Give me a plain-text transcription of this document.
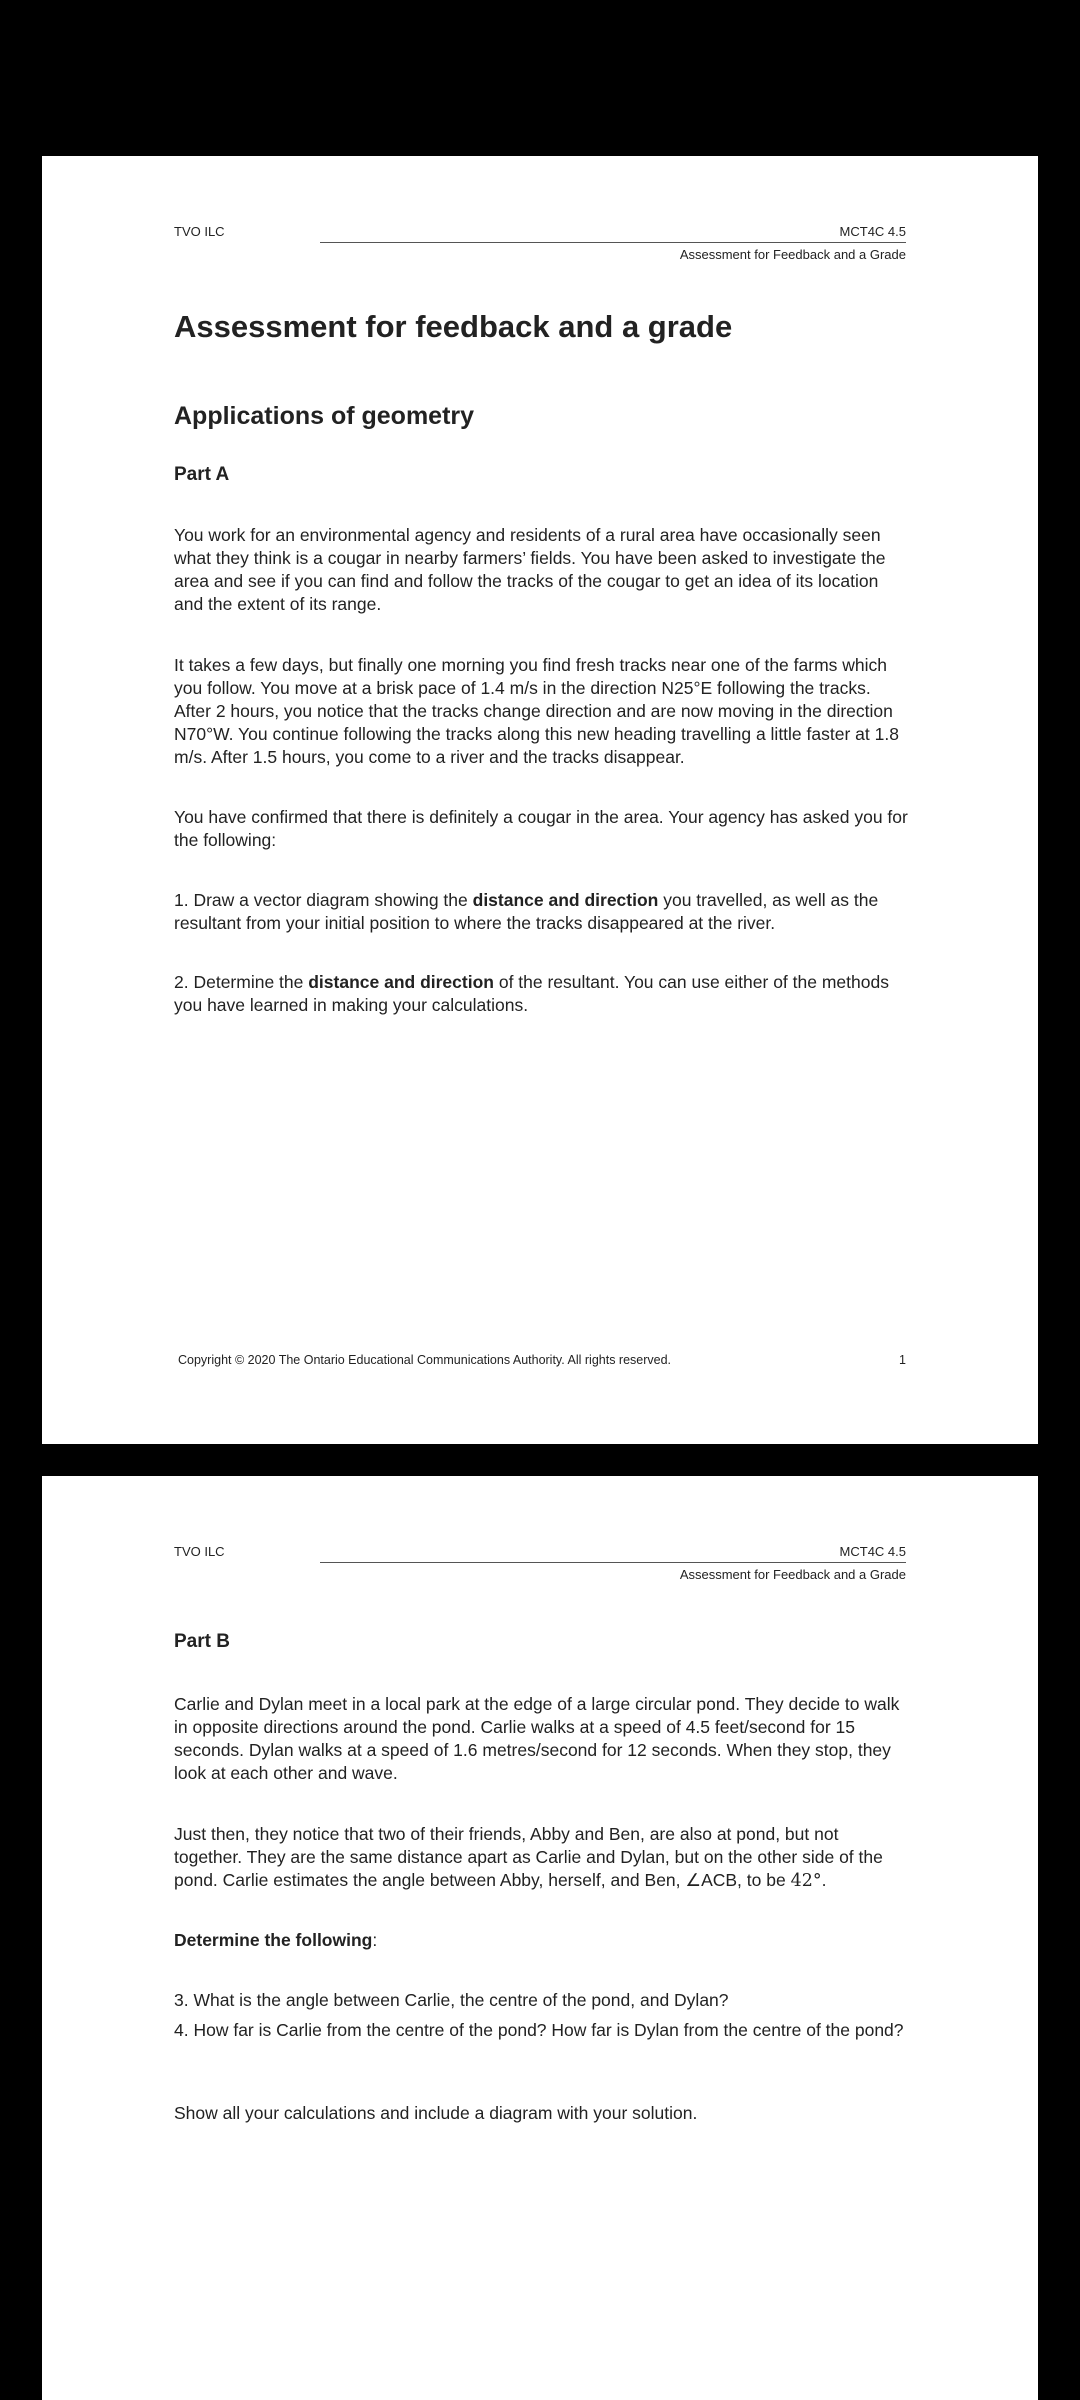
TVO ILC	MCT4C 4.5
Assessment for Feedback and a Grade
Assessment for feedback and a grade
Applications of geometry
Part A

You work for an environmental agency and residents of a rural area have occasionally seen what they think is a cougar in nearby farmers’ fields. You have been asked to investigate the area and see if you can find and follow the tracks of the cougar to get an idea of its location and the extent of its range.

It takes a few days, but finally one morning you find fresh tracks near one of the farms which you follow. You move at a brisk pace of 1.4 m/s in the direction N25°E following the tracks. After 2 hours, you notice that the tracks change direction and are now moving in the direction N70°W. You continue following the tracks along this new heading travelling a little faster at 1.8 m/s. After 1.5 hours, you come to a river and the tracks disappear.

You have confirmed that there is definitely a cougar in the area. Your agency has asked you for the following:

1. Draw a vector diagram showing the distance and direction you travelled, as well as the resultant from your initial position to where the tracks disappeared at the river.

2. Determine the distance and direction of the resultant. You can use either of the methods you have learned in making your calculations.

Copyright © 2020 The Ontario Educational Communications Authority. All rights reserved.	1
TVO ILC	MCT4C 4.5
Assessment for Feedback and a Grade
Part B

Carlie and Dylan meet in a local park at the edge of a large circular pond. They decide to walk in opposite directions around the pond. Carlie walks at a speed of 4.5 feet/second for 15 seconds. Dylan walks at a speed of 1.6 metres/second for 12 seconds. When they stop, they look at each other and wave.

Just then, they notice that two of their friends, Abby and Ben, are also at pond, but not together. They are the same distance apart as Carlie and Dylan, but on the other side of the pond. Carlie estimates the angle between Abby, herself, and Ben, ∠ACB, to be 42°.

Determine the following:

3. What is the angle between Carlie, the centre of the pond, and Dylan?

4. How far is Carlie from the centre of the pond? How far is Dylan from the centre of the pond?

Show all your calculations and include a diagram with your solution.
